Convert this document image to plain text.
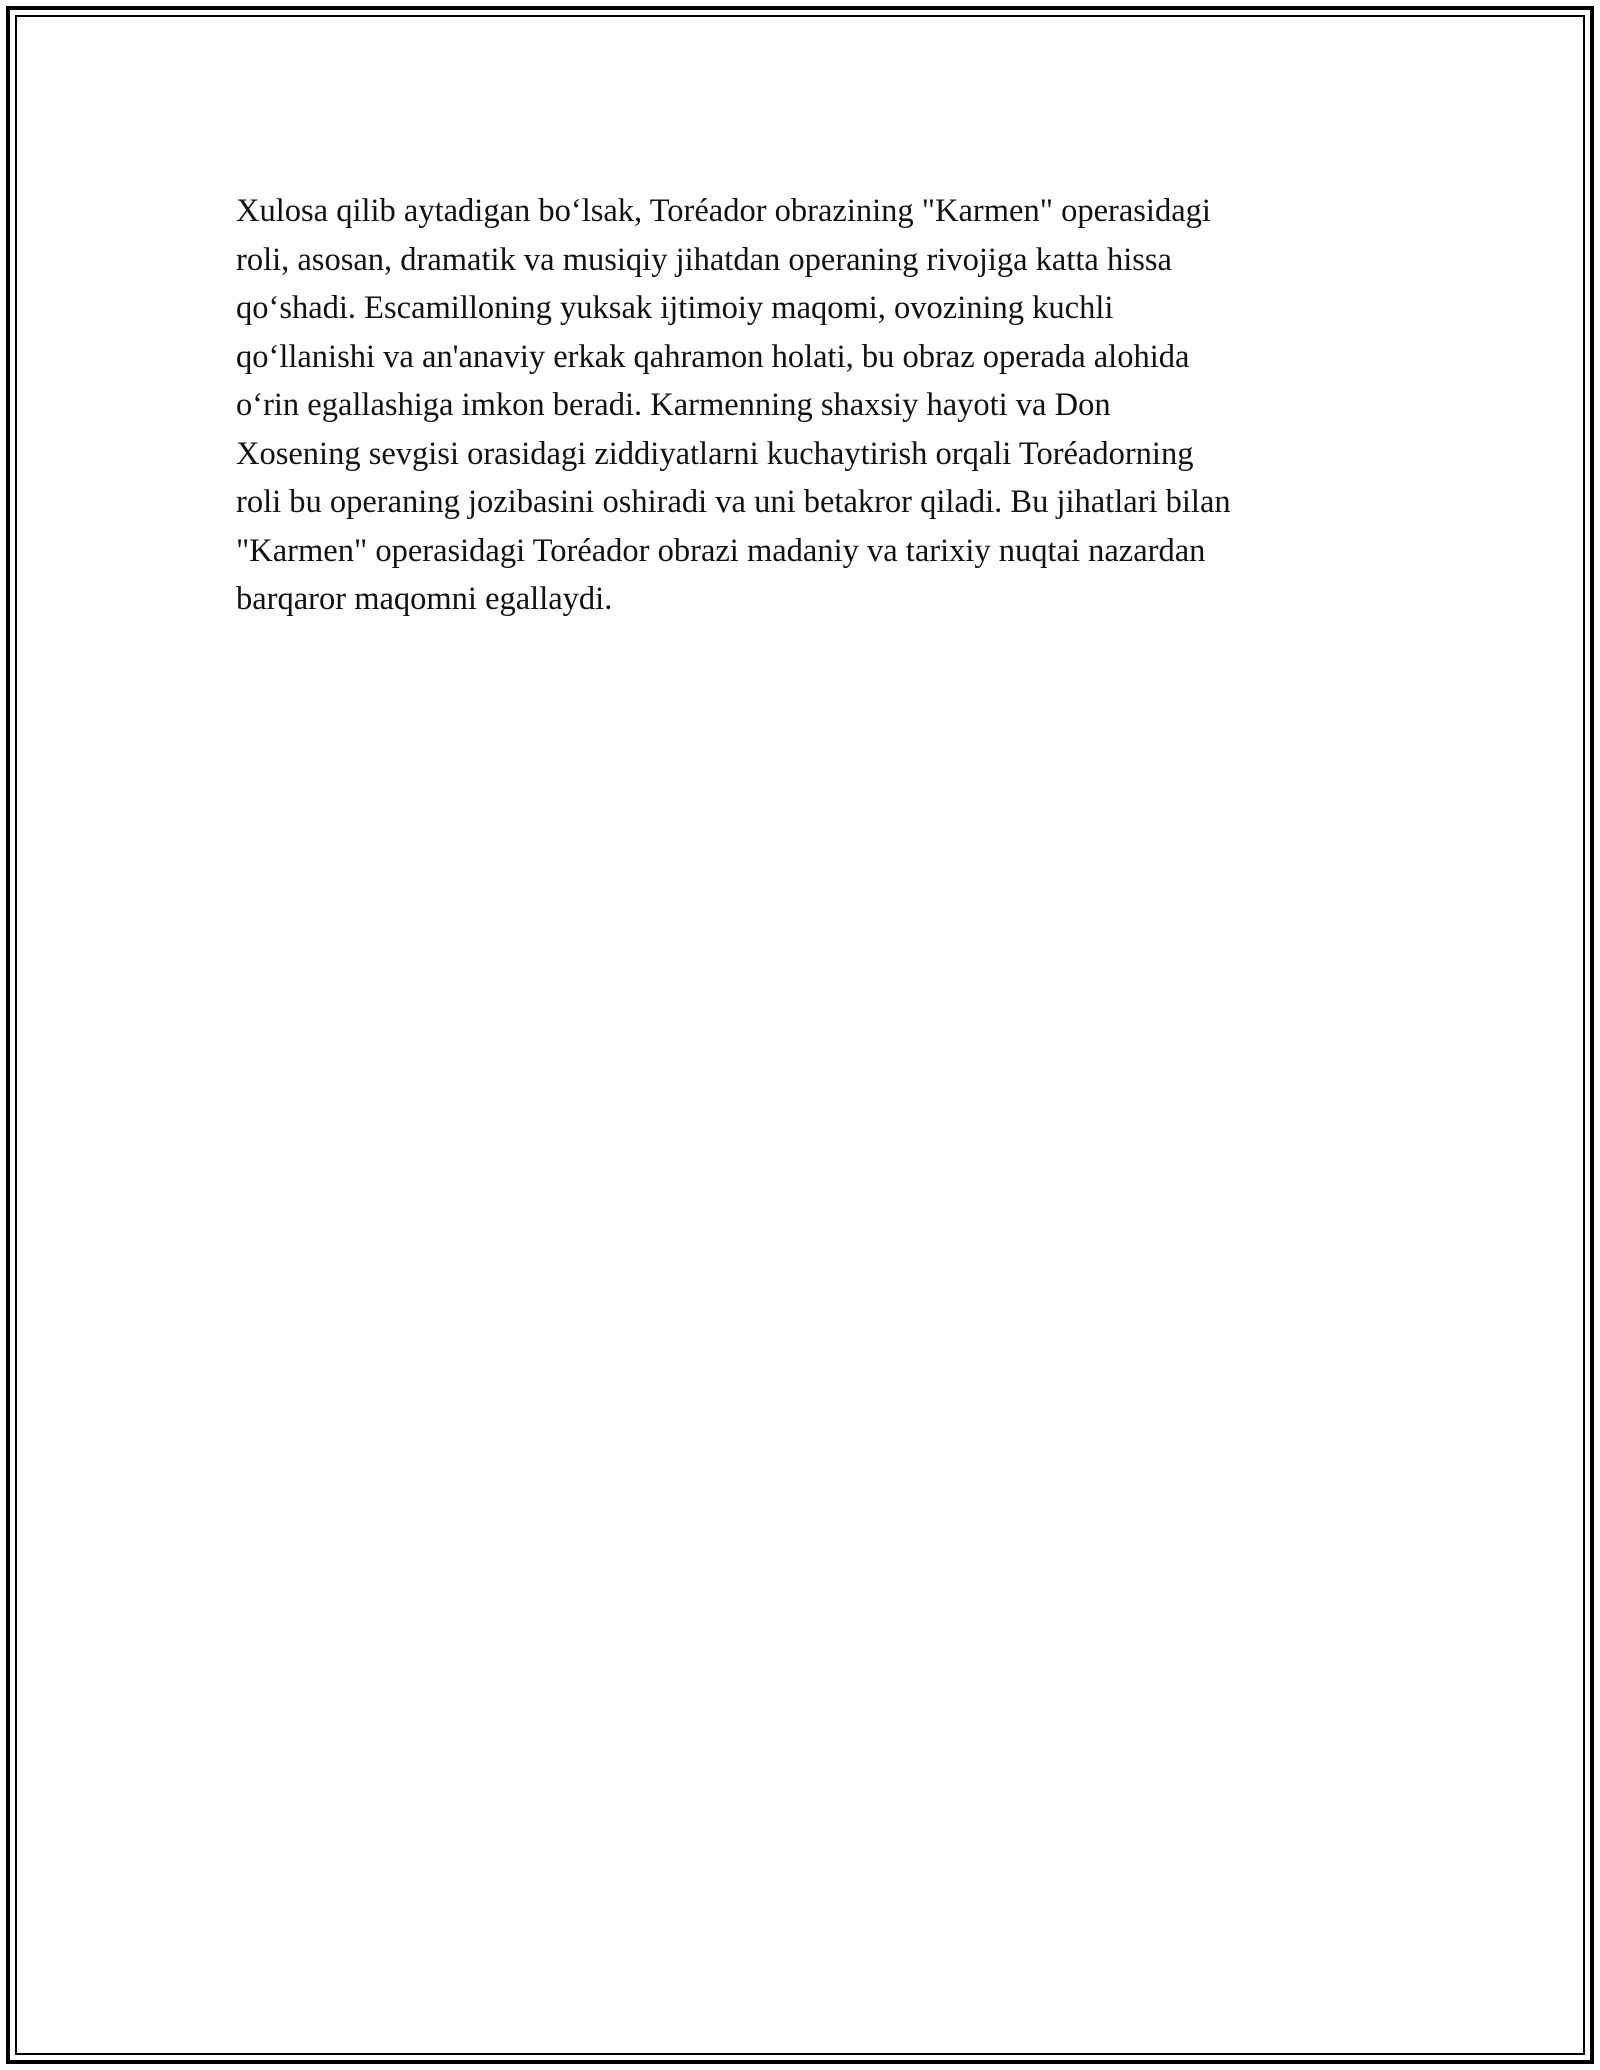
Xulosa qilib aytadigan bo‘lsak, Toréador obrazining "Karmen" operasidagi
roli, asosan, dramatik va musiqiy jihatdan operaning rivojiga katta hissa
qo‘shadi. Escamilloning yuksak ijtimoiy maqomi, ovozining kuchli
qo‘llanishi va an'anaviy erkak qahramon holati, bu obraz operada alohida
o‘rin egallashiga imkon beradi. Karmenning shaxsiy hayoti va Don
Xosening sevgisi orasidagi ziddiyatlarni kuchaytirish orqali Toréadorning
roli bu operaning jozibasini oshiradi va uni betakror qiladi. Bu jihatlari bilan
"Karmen" operasidagi Toréador obrazi madaniy va tarixiy nuqtai nazardan
barqaror maqomni egallaydi.
